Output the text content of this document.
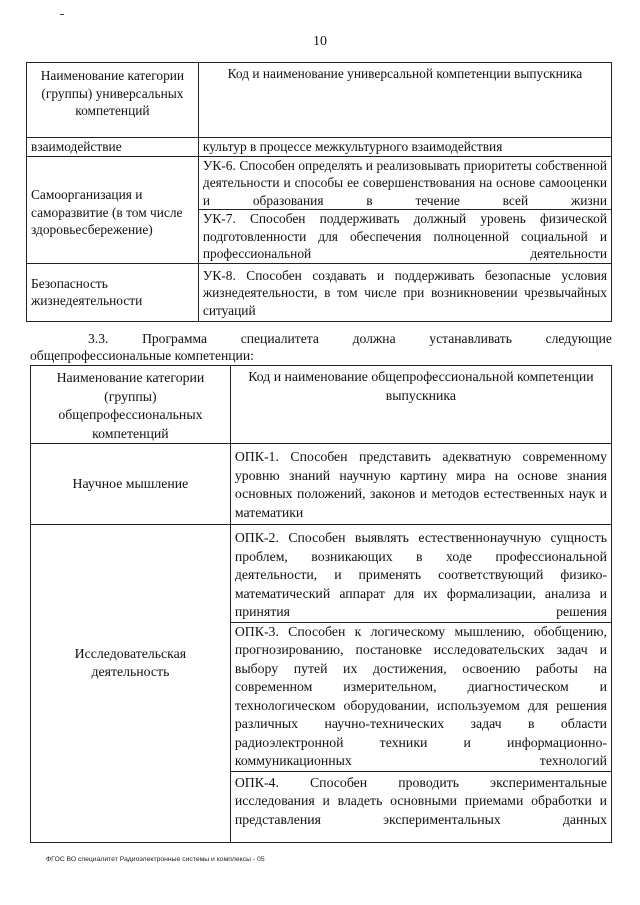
10
Наименование категории (группы) универсальных компетенций	Код и наименование универсальной компетенции выпускника
взаимодействие	культур в процессе межкультурного взаимодействия
Самоорганизация и саморазвитие (в том числе здоровьесбережение)	УК-6. Способен определять и реализовывать приоритеты собственной деятельности и способы ее совершенствования на основе самооценки и образования в течение всей жизни
	УК-7. Способен поддерживать должный уровень физической подготовленности для обеспечения полноценной социальной и профессиональной деятельности
Безопасность жизнедеятельности	УК-8. Способен создавать и поддерживать безопасные условия жизнедеятельности, в том числе при возникновении чрезвычайных ситуаций
3.3. Программа специалитета должна устанавливать следующие
общепрофессиональные компетенции:
Наименование категории (группы) общепрофессиональных компетенций	Код и наименование общепрофессиональной компетенции выпускника
Научное мышление	ОПК-1. Способен представить адекватную современному уровню знаний научную картину мира на основе знания основных положений, законов и методов естественных наук и математики
Исследовательская деятельность	ОПК-2. Способен выявлять естественнонаучную сущность проблем, возникающих в ходе профессиональной деятельности, и применять соответствующий физико-математический аппарат для их формализации, анализа и принятия решения
	ОПК-3. Способен к логическому мышлению, обобщению, прогнозированию, постановке исследовательских задач и выбору путей их достижения, освоению работы на современном измерительном, диагностическом и технологическом оборудовании, используемом для решения различных научно-технических задач в области радиоэлектронной техники и информационно-коммуникационных технологий
	ОПК-4. Способен проводить экспериментальные исследования и владеть основными приемами обработки и представления экспериментальных данных
ФГОС ВО специалитет Радиоэлектронные системы и комплексы - 05
